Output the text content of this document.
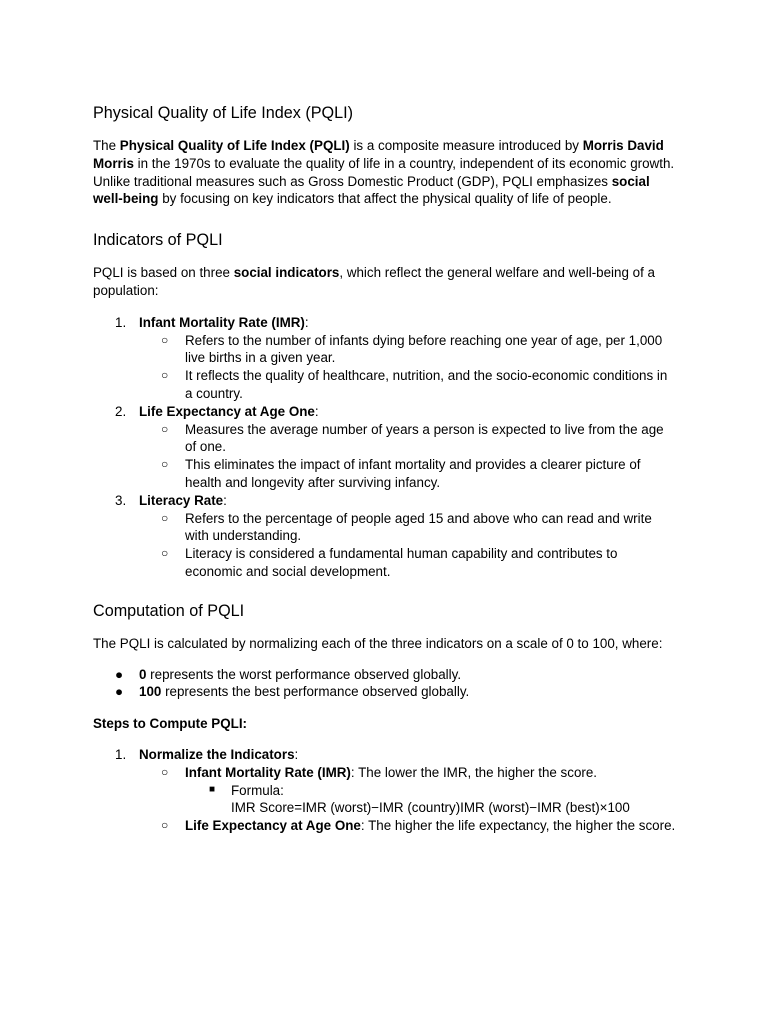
Physical Quality of Life Index (PQLI)

The Physical Quality of Life Index (PQLI) is a composite measure introduced by Morris David Morris in the 1970s to evaluate the quality of life in a country, independent of its economic growth. Unlike traditional measures such as Gross Domestic Product (GDP), PQLI emphasizes social well-being by focusing on key indicators that affect the physical quality of life of people.

Indicators of PQLI

PQLI is based on three social indicators, which reflect the general welfare and well-being of a population:

1. Infant Mortality Rate (IMR):
○ Refers to the number of infants dying before reaching one year of age, per 1,000 live births in a given year.
○ It reflects the quality of healthcare, nutrition, and the socio-economic conditions in a country.
2. Life Expectancy at Age One:
○ Measures the average number of years a person is expected to live from the age of one.
○ This eliminates the impact of infant mortality and provides a clearer picture of health and longevity after surviving infancy.
3. Literacy Rate:
○ Refers to the percentage of people aged 15 and above who can read and write with understanding.
○ Literacy is considered a fundamental human capability and contributes to economic and social development.
Computation of PQLI

The PQLI is calculated by normalizing each of the three indicators on a scale of 0 to 100, where:

● 0 represents the worst performance observed globally.
● 100 represents the best performance observed globally.

Steps to Compute PQLI:

1. Normalize the Indicators:
○ Infant Mortality Rate (IMR): The lower the IMR, the higher the score.
■ Formula:
IMR Score=IMR (worst)−IMR (country)IMR (worst)−IMR (best)×100
○ Life Expectancy at Age One: The higher the life expectancy, the higher the score.
